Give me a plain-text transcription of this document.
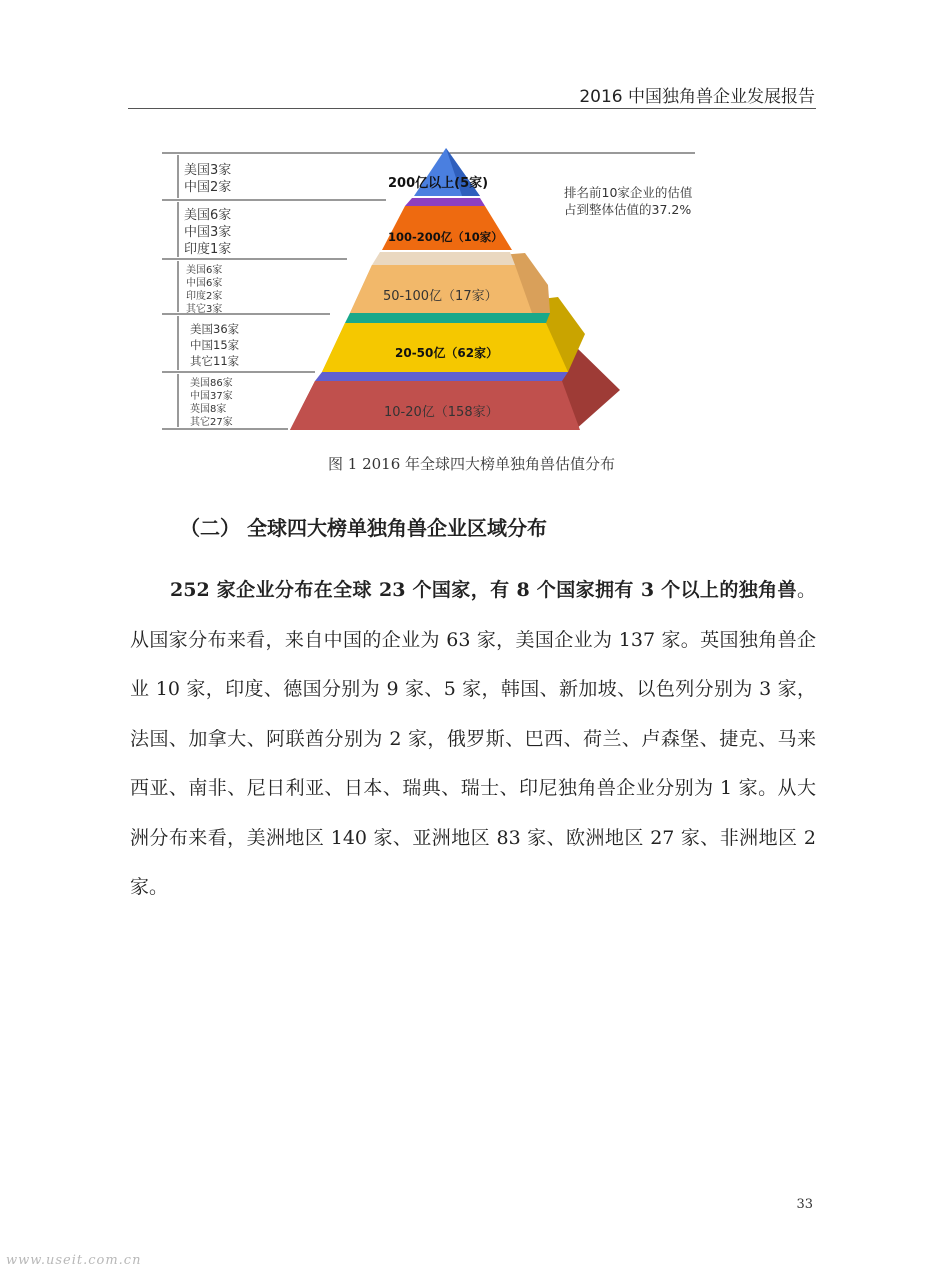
2016 中国独角兽企业发展报告
美国3家
中国2家
美国6家
中国3家
印度1家
美国6家
中国6家
印度2家
其它3家
美国36家
中国15家
其它11家
美国86家
中国37家
英国8家
其它27家
200亿以上(5家)
100-200亿（10家）
50-100亿（17家）
20-50亿（62家）
10-20亿（158家）
排名前10家企业的估值
占到整体估值的37.2%
图 1 2016 年全球四大榜单独角兽估值分布
（二） 全球四大榜单独角兽企业区域分布

252 家企业分布在全球 23 个国家，有 8 个国家拥有 3 个以上的独角兽。从国家分布来看，来自中国的企业为 63 家，美国企业为 137 家。英国独角兽企业 10 家，印度、德国分别为 9 家、5 家，韩国、新加坡、以色列分别为 3 家，法国、加拿大、阿联酋分别为 2 家，俄罗斯、巴西、荷兰、卢森堡、捷克、马来西亚、南非、尼日利亚、日本、瑞典、瑞士、印尼独角兽企业分别为 1 家。从大洲分布来看，美洲地区 140 家、亚洲地区 83 家、欧洲地区 27 家、非洲地区 2 家。

33
www.useit.com.cn
